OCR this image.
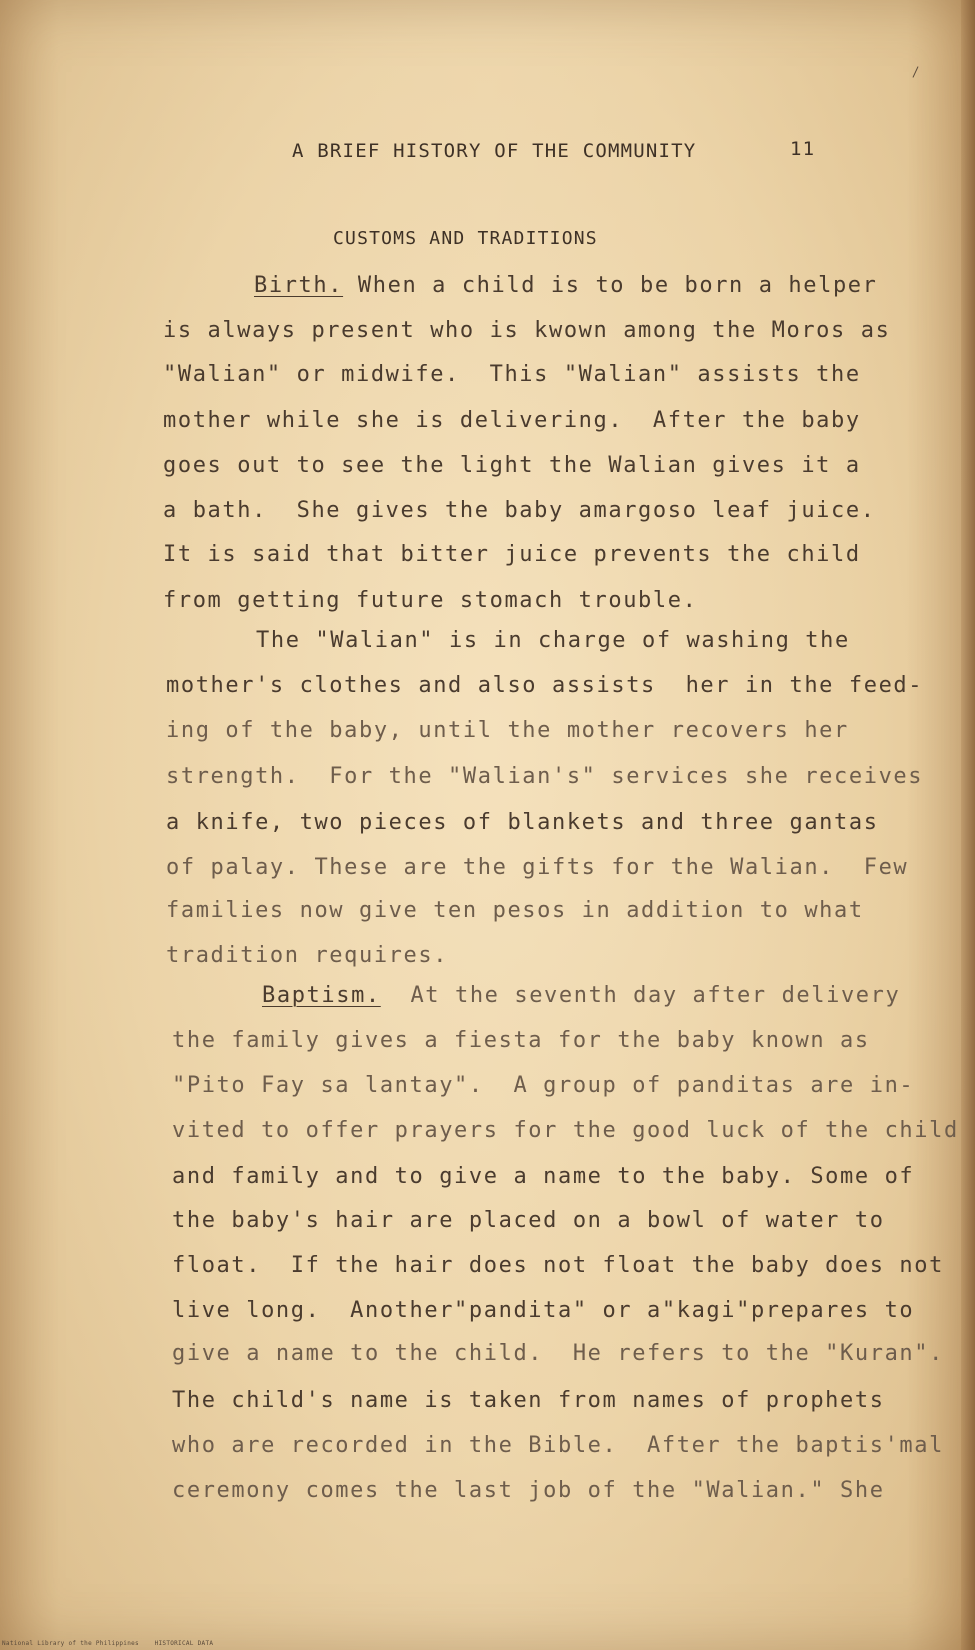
A BRIEF HISTORY OF THE COMMUNITY	11

CUSTOMS AND TRADITIONS

Birth. When a child is to be born a helper

is always present who is kwown among the Moros as

"Walian" or midwife.  This "Walian" assists the

mother while she is delivering.  After the baby

goes out to see the light the Walian gives it a

a bath.  She gives the baby amargoso leaf juice.

It is said that bitter juice prevents the child

from getting future stomach trouble.

The "Walian" is in charge of washing the

mother's clothes and also assists  her in the feed-

ing of the baby, until the mother recovers her

strength.  For the "Walian's" services she receives

a knife, two pieces of blankets and three gantas

of palay. These are the gifts for the Walian.  Few

families now give ten pesos in addition to what

tradition requires.

Baptism.  At the seventh day after delivery

the family gives a fiesta for the baby known as

"Pito Fay sa lantay".  A group of panditas are in-

vited to offer prayers for the good luck of the child

and family and to give a name to the baby. Some of

the baby's hair are placed on a bowl of water to

float.  If the hair does not float the baby does not

live long.  Another"pandita" or a"kagi"prepares to

give a name to the child.  He refers to the "Kuran".

The child's name is taken from names of prophets

who are recorded in the Bible.  After the baptis'mal

ceremony comes the last job of the "Walian." She

National Library of the Philippines    HISTORICAL DATA
